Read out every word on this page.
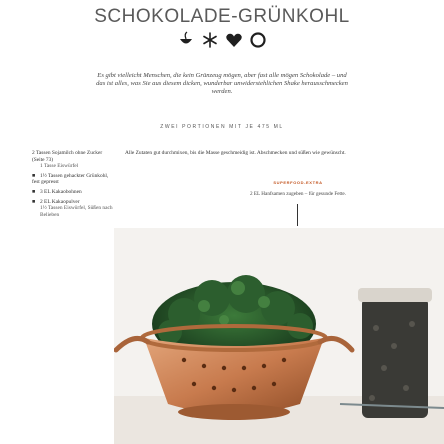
SCHOKOLADE-GRÜNKOHL

Es gibt vielleicht Menschen, die kein Grünzeug mögen, aber fast alle mögen Schokolade – und das ist alles, was Sie aus diesem dicken, wunderbar unwiderstehlichen Shake herausschmecken werden.

ZWEI PORTIONEN MIT JE 475 ML
2 Tassen Sojamilch ohne Zucker (Seite 73)
1 Tasse Eiswürfel
■ 1½ Tassen gehackter Grünkohl, fest gepresst
■ 3 EL Kakaobohnen
■ 2 EL Kakaopulver
1½ Tassen Eiswürfel, Süßen nach Belieben

Alle Zutaten gut durchmixen, bis die Masse geschmeidig ist. Abschmecken und süßen wie gewünscht.

SUPERFOOD-EXTRA
2 EL Hanfsamen zugeben – für gesunde Fette.
